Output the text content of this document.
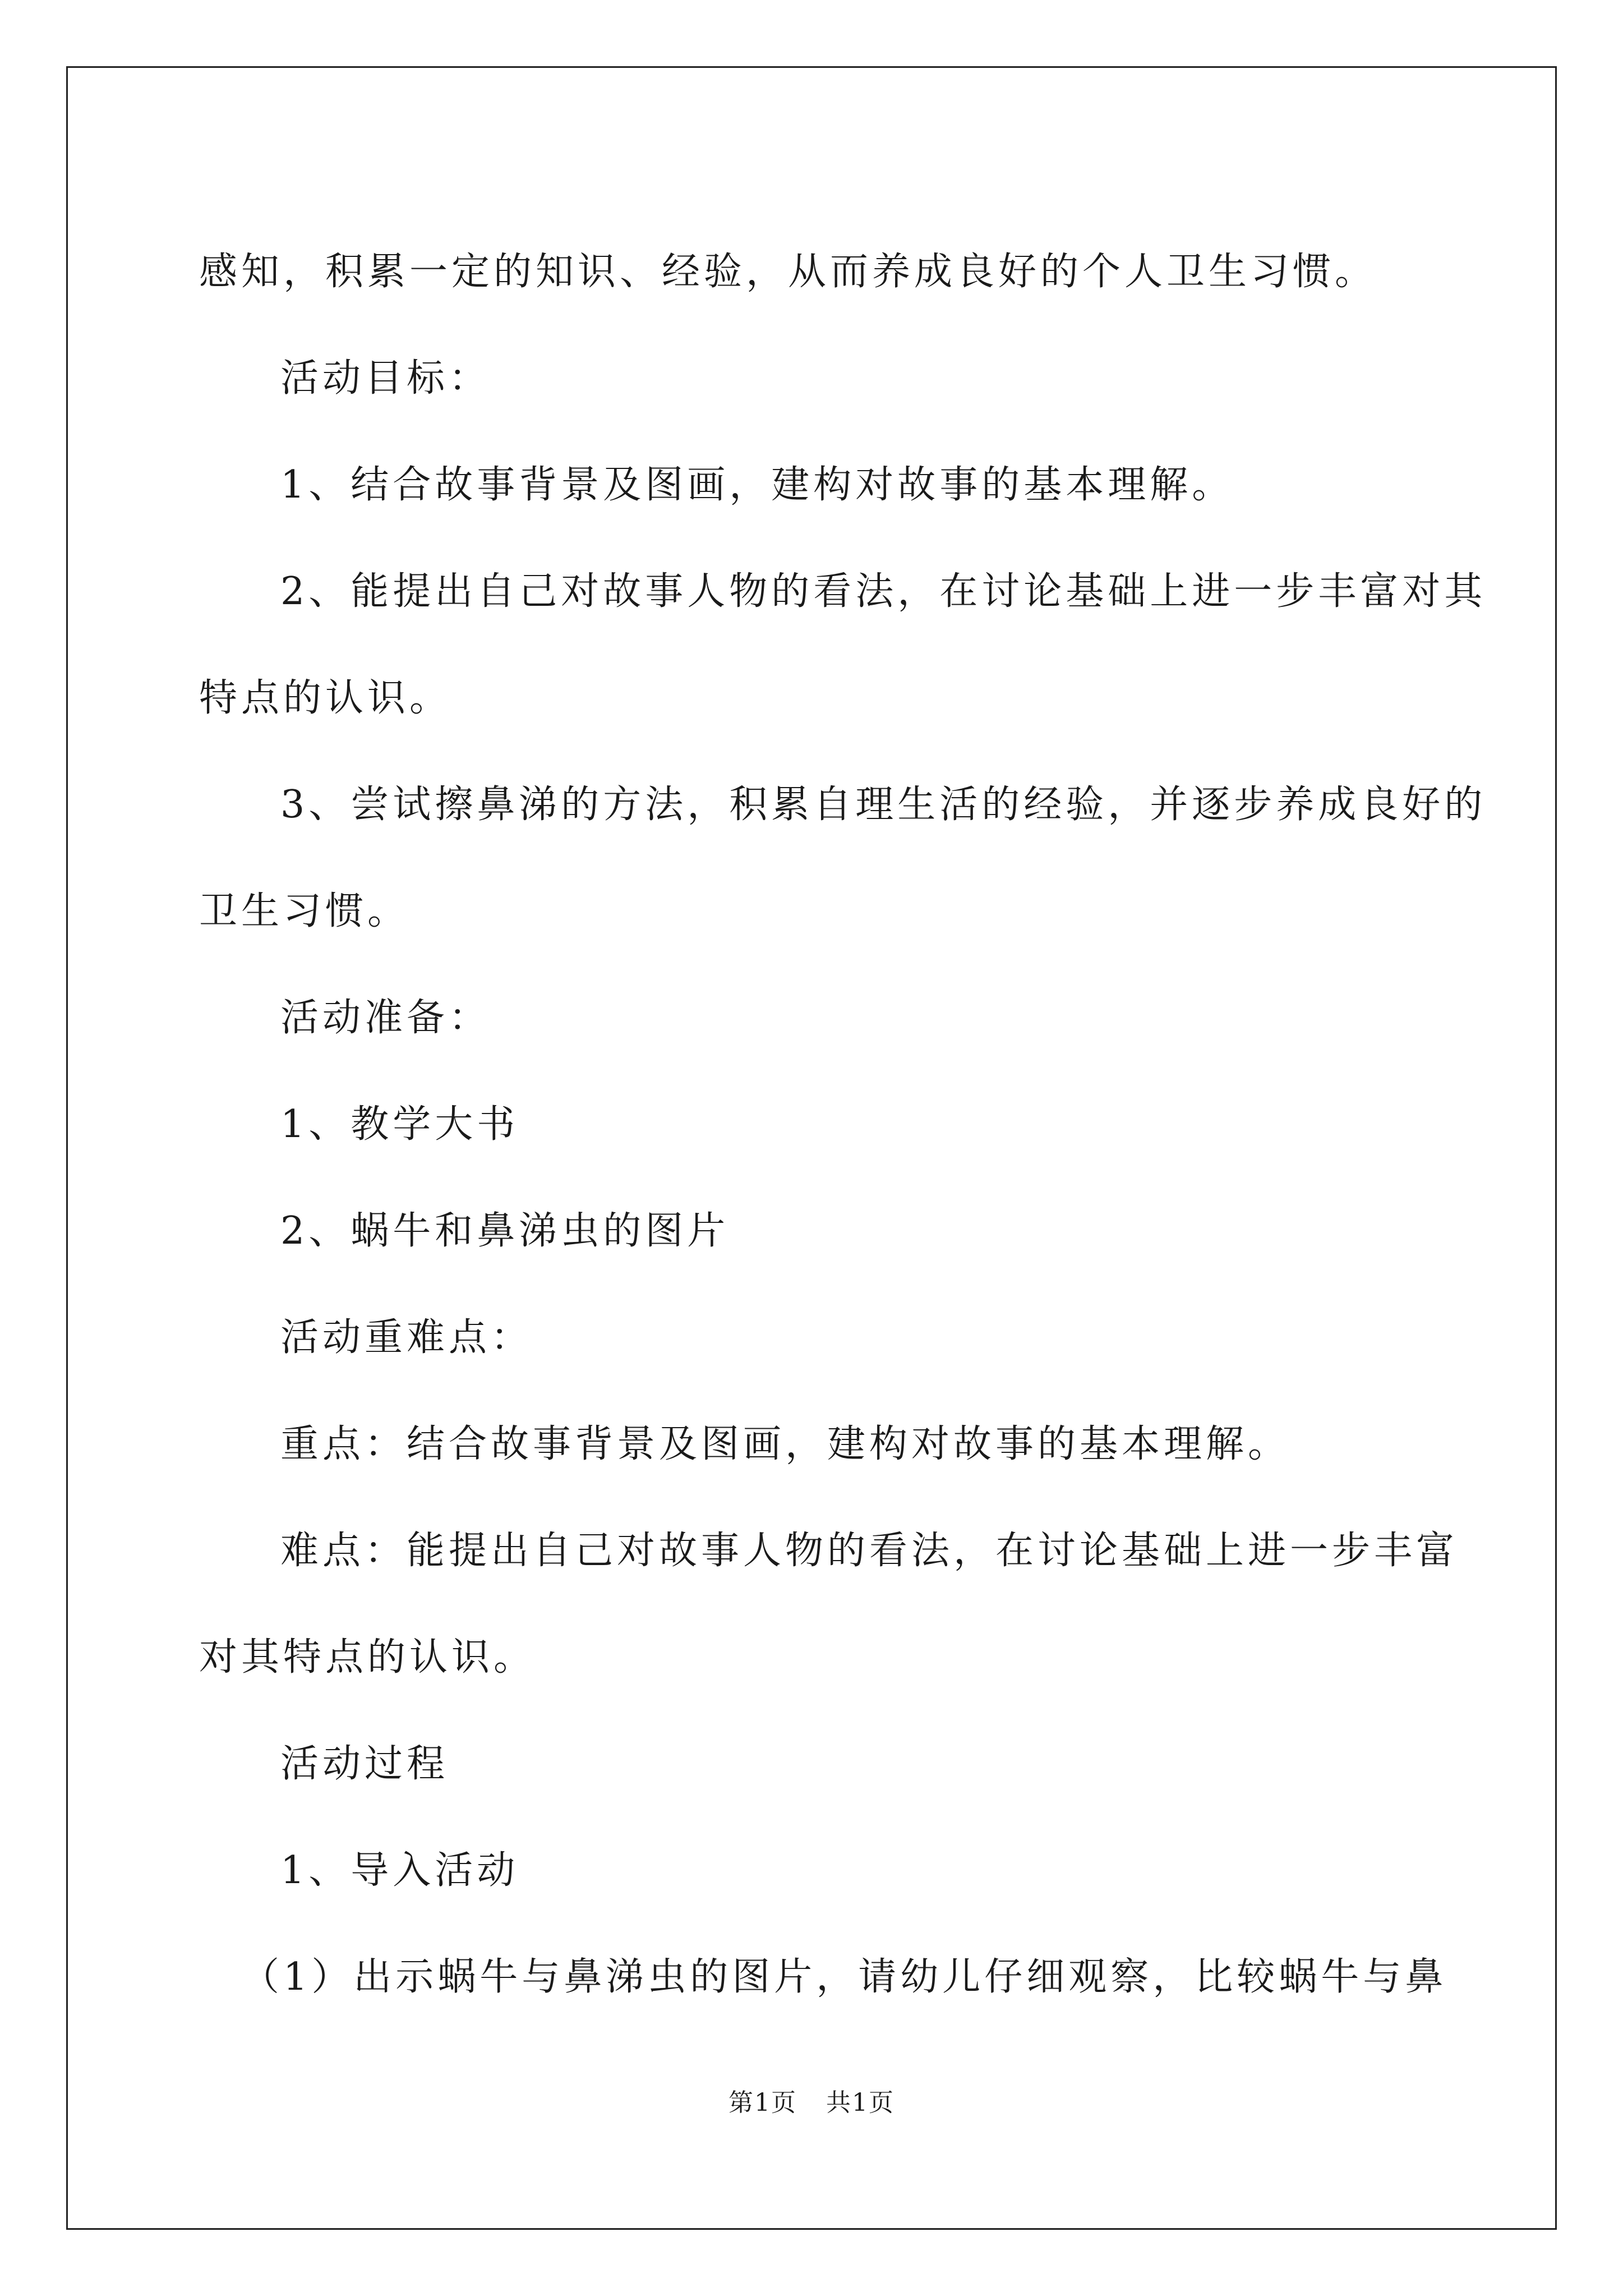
感知，积累一定的知识、经验，从而养成良好的个人卫生习惯。

活动目标：

1、结合故事背景及图画，建构对故事的基本理解。

2、能提出自己对故事人物的看法，在讨论基础上进一步丰富对其

特点的认识。

3、尝试擦鼻涕的方法，积累自理生活的经验，并逐步养成良好的

卫生习惯。

活动准备：

1、教学大书

2、蜗牛和鼻涕虫的图片

活动重难点：

重点：结合故事背景及图画，建构对故事的基本理解。

难点：能提出自己对故事人物的看法，在讨论基础上进一步丰富

对其特点的认识。

活动过程

1、导入活动

（1）出示蜗牛与鼻涕虫的图片，请幼儿仔细观察，比较蜗牛与鼻

第1页 共1页
